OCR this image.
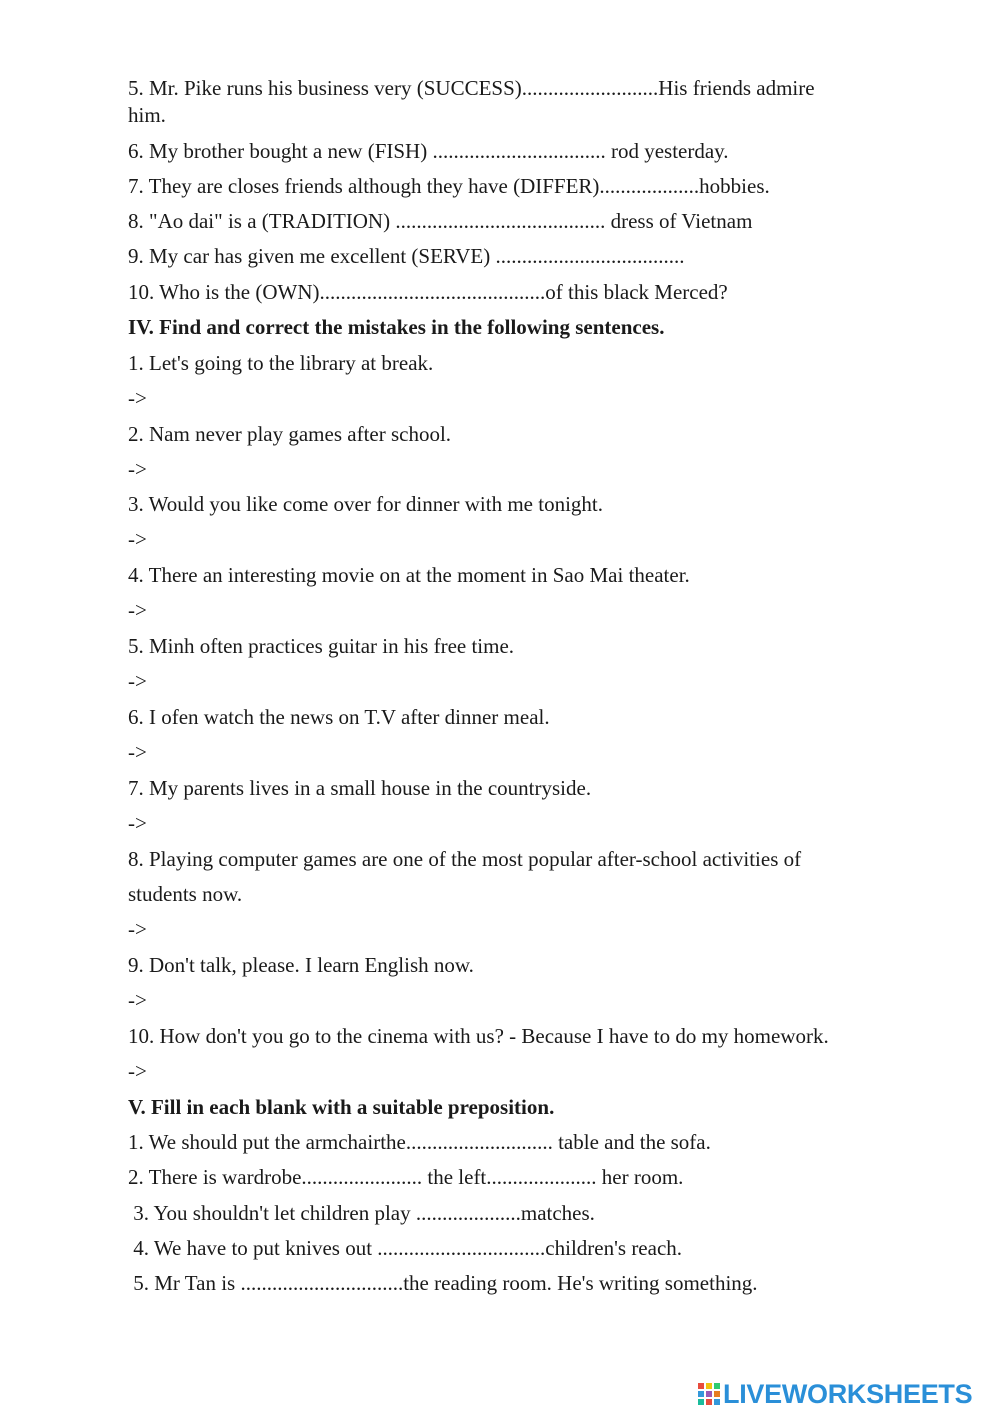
5. Mr. Pike runs his business very (SUCCESS)..........................His friends admire
him.
6. My brother bought a new (FISH) ................................. rod yesterday.
7. They are closes friends although they have (DIFFER)...................hobbies.
8. "Ao dai" is a (TRADITION) ........................................ dress of Vietnam
9. My car has given me excellent (SERVE) ....................................
10. Who is the (OWN)...........................................of this black Merced?
IV. Find and correct the mistakes in the following sentences.
1. Let's going to the library at break.
->
2. Nam never play games after school.
->
3. Would you like come over for dinner with me tonight.
->
4. There an interesting movie on at the moment in Sao Mai theater.
->
5. Minh often practices guitar in his free time.
->
6. I ofen watch the news on T.V after dinner meal.
->
7. My parents lives in a small house in the countryside.
->
8. Playing computer games are one of the most popular after-school activities of
students now.
->
9. Don't talk, please. I learn English now.
->
10. How don't you go to the cinema with us? - Because I have to do my homework.
->
V. Fill in each blank with a suitable preposition.
1. We should put the armchairthe............................ table and the sofa.
2. There is wardrobe....................... the left..................... her room.
3. You shouldn't let children play ....................matches.
4. We have to put knives out ................................children's reach.
5. Mr Tan is ...............................the reading room. He's writing something.
LIVEWORKSHEETS
